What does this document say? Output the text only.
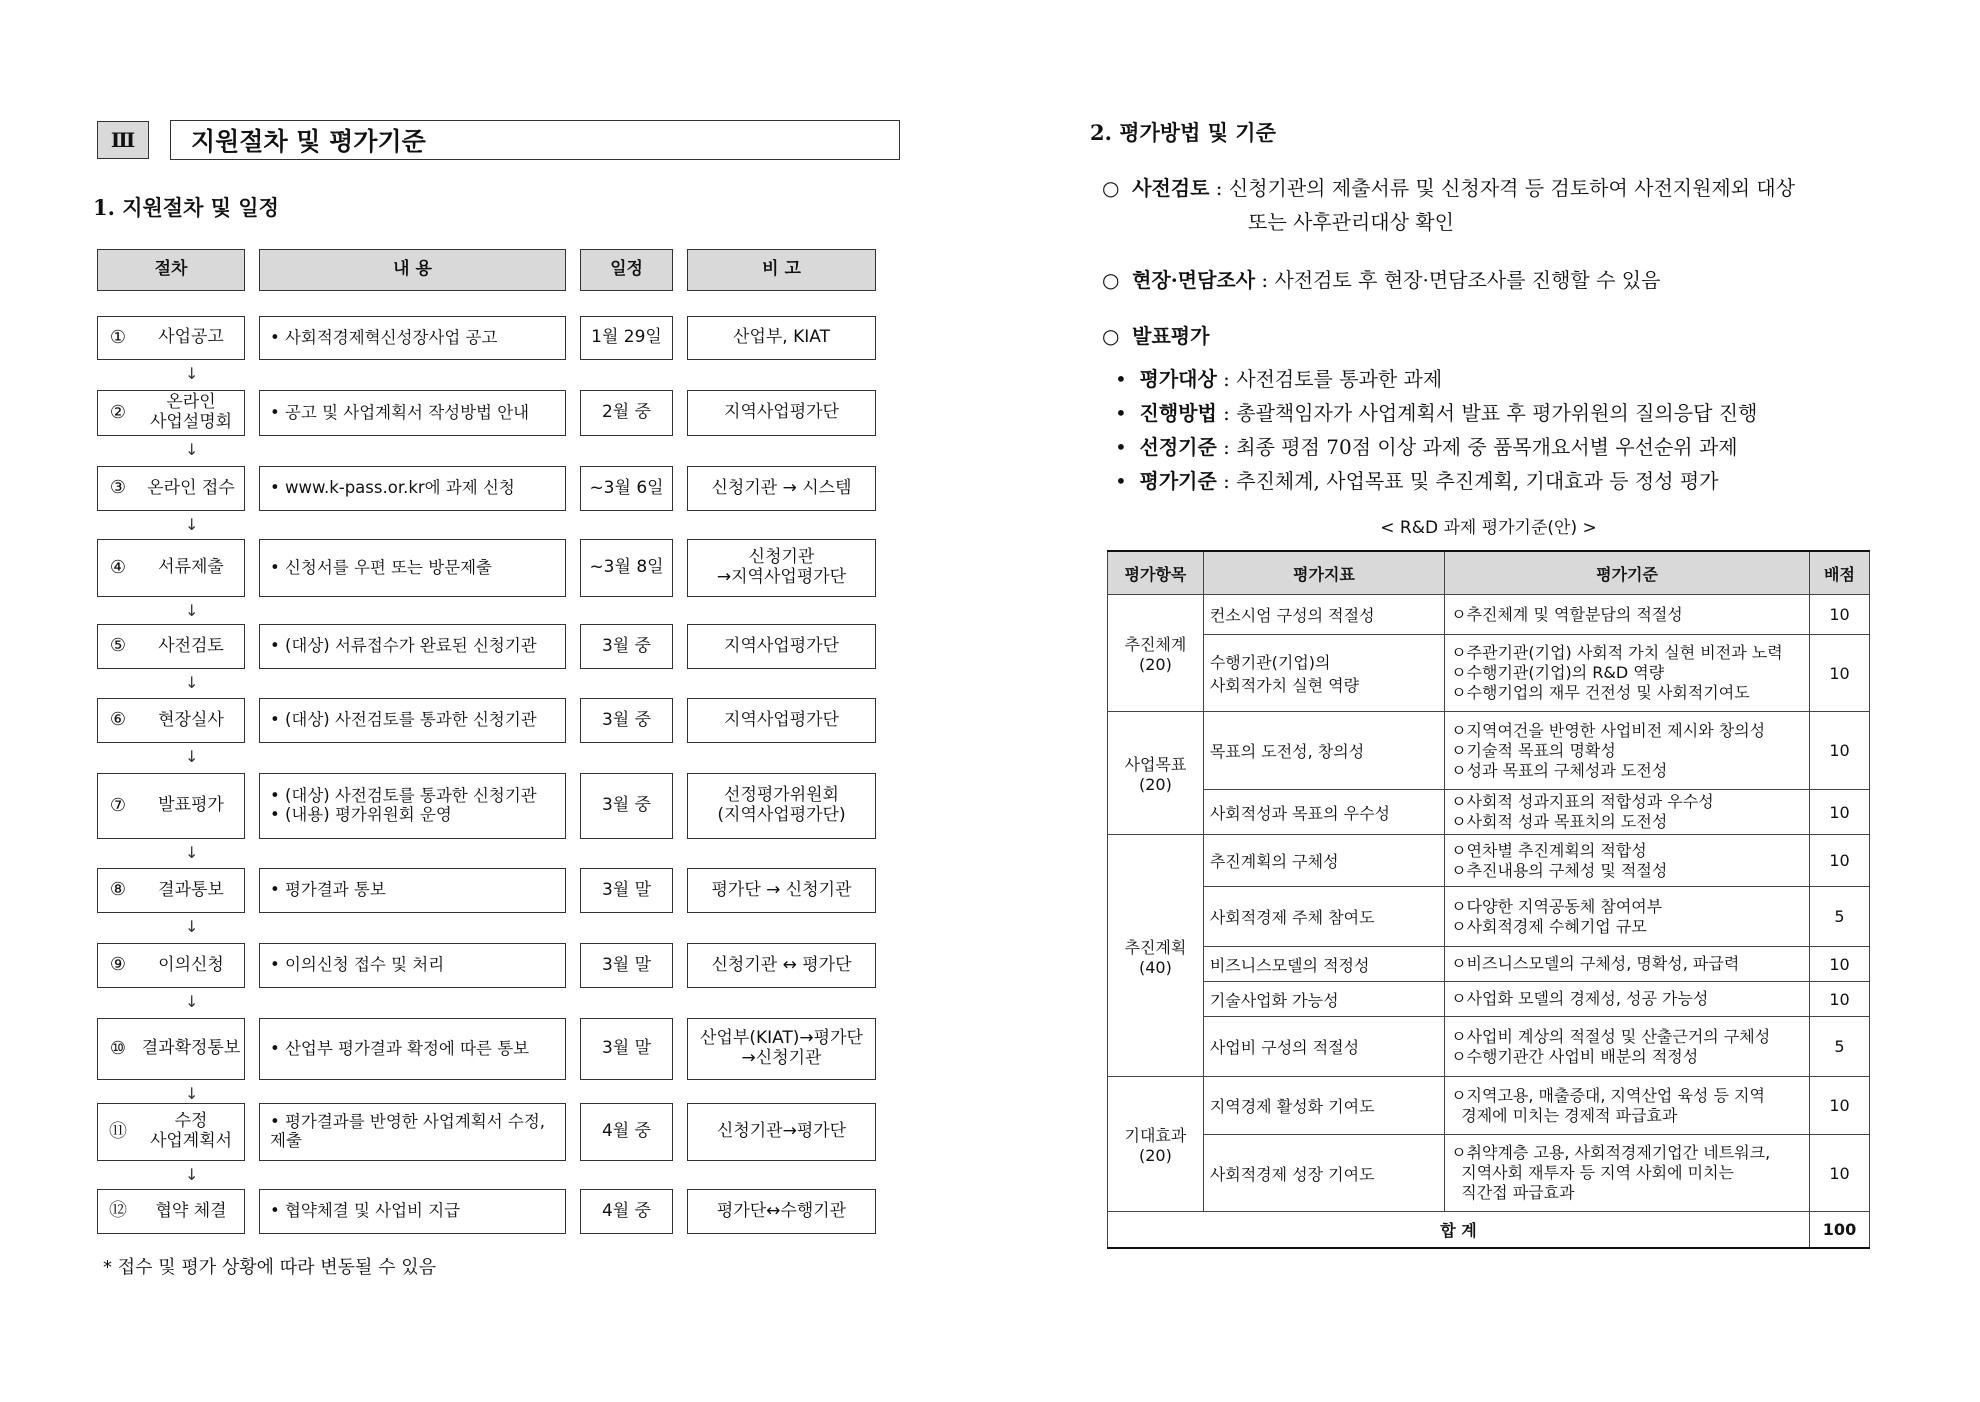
Ⅲ	지원절차 및 평가기준
1. 지원절차 및 일정
절차	내 용	일정	비 고
①	사업공고	• 사회적경제혁신성장사업 공고	1월 29일	산업부, KIAT
↓
②	온라인
사업설명회	• 공고 및 사업계획서 작성방법 안내	2월 중	지역사업평가단
↓
③	온라인 접수	• www.k-pass.or.kr에 과제 신청	~3월 6일	신청기관 → 시스템
↓
④	서류제출	• 신청서를 우편 또는 방문제출	~3월 8일	신청기관
→지역사업평가단
↓
⑤	사전검토	• (대상) 서류접수가 완료된 신청기관	3월 중	지역사업평가단
↓
⑥	현장실사	• (대상) 사전검토를 통과한 신청기관	3월 중	지역사업평가단
↓
⑦	발표평가	• (대상) 사전검토를 통과한 신청기관
• (내용) 평가위원회 운영	3월 중	선정평가위원회
(지역사업평가단)
↓
⑧	결과통보	• 평가결과 통보	3월 말	평가단 → 신청기관
↓
⑨	이의신청	• 이의신청 접수 및 처리	3월 말	신청기관 ↔ 평가단
↓
⑩ 결과확정통보	• 산업부 평가결과 확정에 따른 통보	3월 말	산업부(KIAT)→평가단
→신청기관
↓
⑪	수정
사업계획서
• 평가결과를 반영한 사업계획서 수정, 제출	4월 중	신청기관→평가단
↓
⑫	협약 체결	• 협약체결 및 사업비 지급	4월 중	평가단↔수행기관
* 접수 및 평가 상황에 따라 변동될 수 있음
2. 평가방법 및 기준
○ 사전검토 : 신청기관의 제출서류 및 신청자격 등 검토하여 사전지원제외 대상
또는 사후관리대상 확인
○ 현장·면담조사 : 사전검토 후 현장·면담조사를 진행할 수 있음
○ 발표평가
• 평가대상 : 사전검토를 통과한 과제
• 진행방법 : 총괄책임자가 사업계획서 발표 후 평가위원의 질의응답 진행
• 선정기준 : 최종 평점 70점 이상 과제 중 품목개요서별 우선순위 과제
• 평가기준 : 추진체계, 사업목표 및 추진계획, 기대효과 등 정성 평가
< R&D 과제 평가기준(안) >
평가항목	평가지표	평가기준	배점
추진체계
(20)	컨소시엄 구성의 적절성	ㅇ추진체계 및 역할분담의 적절성	10
	수행기관(기업)의
사회적가치 실현 역량	ㅇ주관기관(기업) 사회적 가치 실현 비전과 노력
ㅇ수행기관(기업)의 R&D 역량
ㅇ수행기업의 재무 건전성 및 사회적기여도	10
사업목표
(20)	목표의 도전성, 창의성	ㅇ지역여건을 반영한 사업비전 제시와 창의성
ㅇ기술적 목표의 명확성
ㅇ성과 목표의 구체성과 도전성	10
	사회적성과 목표의 우수성	ㅇ사회적 성과지표의 적합성과 우수성
ㅇ사회적 성과 목표치의 도전성	10
추진계획
(40)	추진계획의 구체성	ㅇ연차별 추진계획의 적합성
ㅇ추진내용의 구체성 및 적절성	10
	사회적경제 주체 참여도	ㅇ다양한 지역공동체 참여여부
ㅇ사회적경제 수혜기업 규모	5
	비즈니스모델의 적정성	ㅇ비즈니스모델의 구체성, 명확성, 파급력	10
	기술사업화 가능성	ㅇ사업화 모델의 경제성, 성공 가능성	10
	사업비 구성의 적절성	ㅇ사업비 계상의 적절성 및 산출근거의 구체성
ㅇ수행기관간 사업비 배분의 적정성	5
기대효과
(20)	지역경제 활성화 기여도	ㅇ지역고용, 매출증대, 지역산업 육성 등 지역
경제에 미치는 경제적 파급효과	10
	사회적경제 성장 기여도	ㅇ취약계층 고용, 사회적경제기업간 네트워크,
지역사회 재투자 등 지역 사회에 미치는
직간접 파급효과	10
합 계			100
